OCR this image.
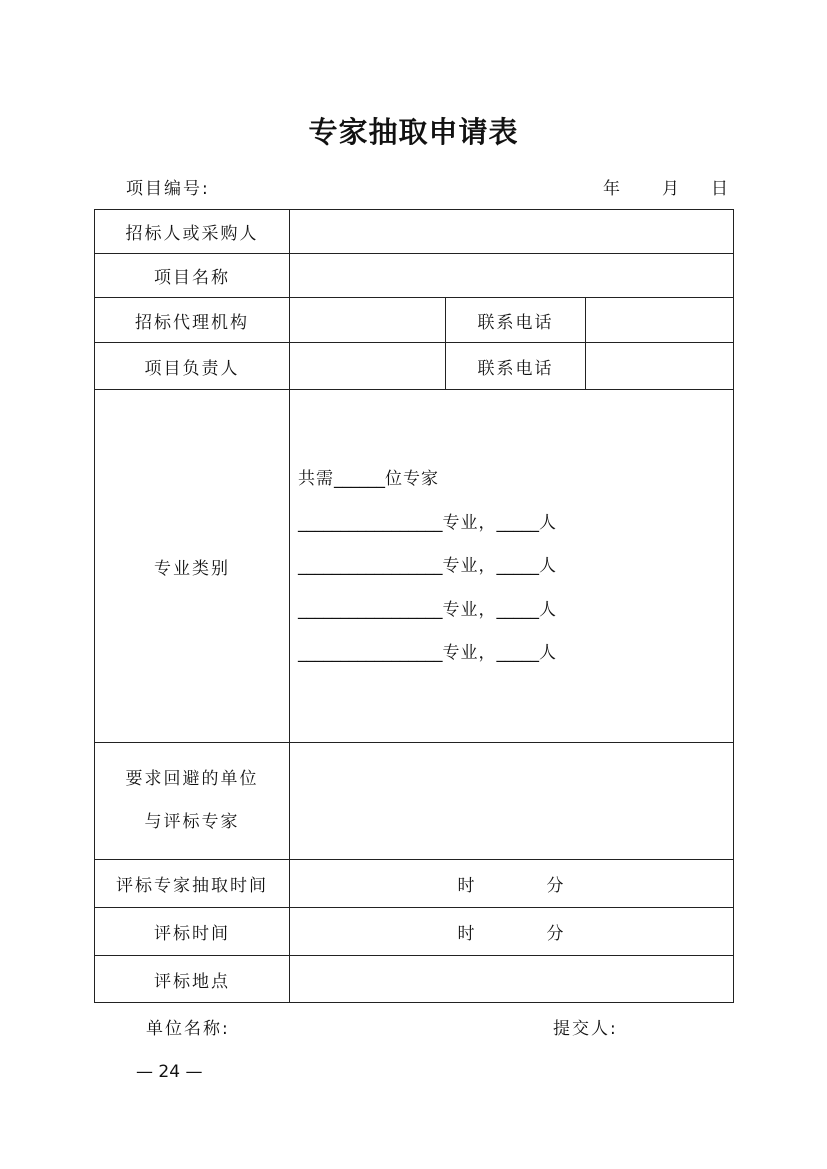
专家抽取申请表
项目编号:	年 月 日
招标人或采购人			
项目名称			
招标代理机构		联系电话	
项目负责人		联系电话	
专业类别	共需______位专家
_________________专业，_____人
_________________专业，_____人
_________________专业，_____人
_________________专业，_____人		

要求回避的单位
与评标专家			

评标专家抽取时间	时 分		
评标时间	时 分		
评标地点			
单位名称:	提交人:
— 24 —
